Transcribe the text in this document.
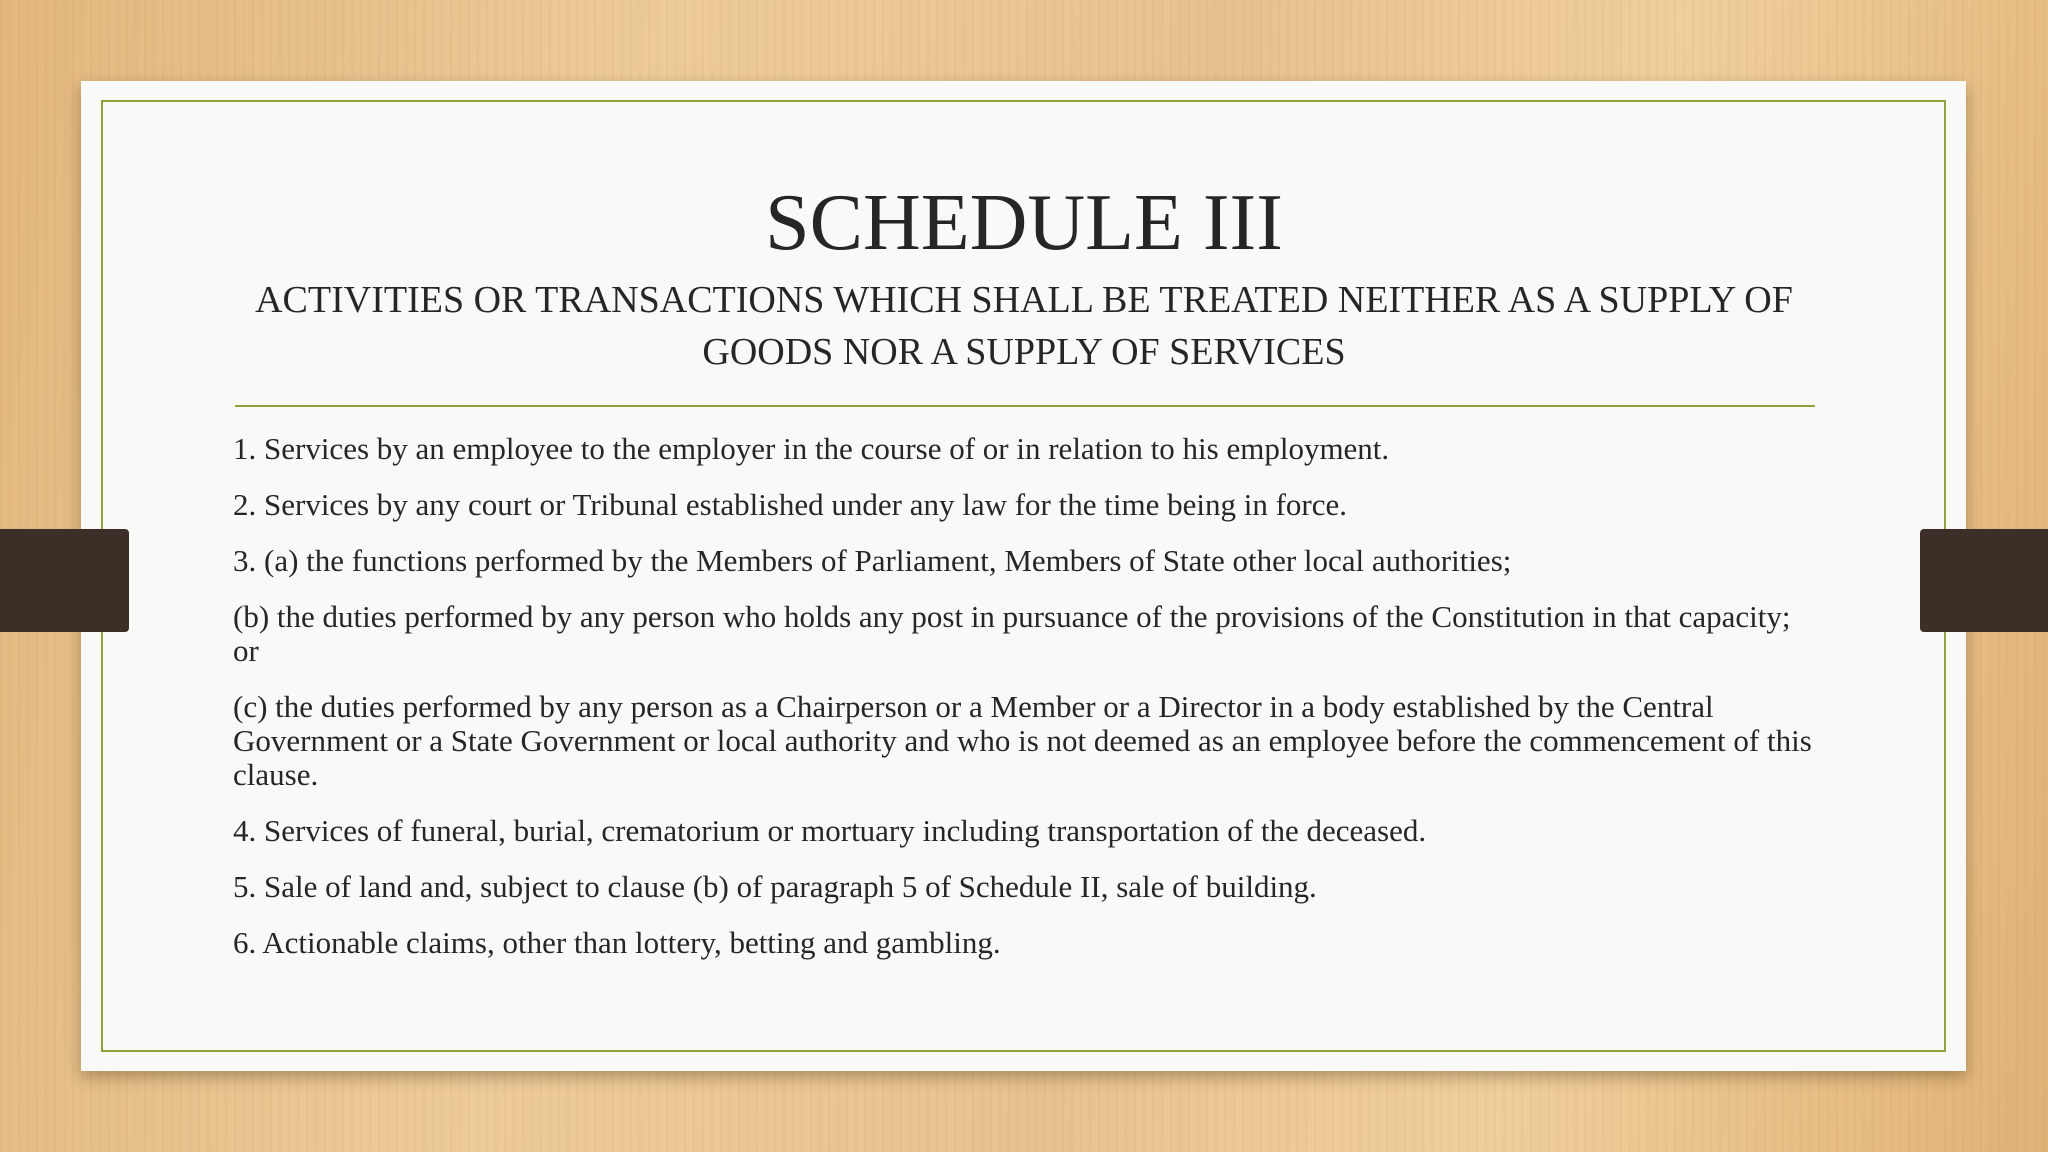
SCHEDULE III
ACTIVITIES OR TRANSACTIONS WHICH SHALL BE TREATED NEITHER AS A SUPPLY OF GOODS NOR A SUPPLY OF SERVICES
1. Services by an employee to the employer in the course of or in relation to his employment.
2. Services by any court or Tribunal established under any law for the time being in force.
3. (a) the functions performed by the Members of Parliament, Members of State other local authorities;
(b) the duties performed by any person who holds any post in pursuance of the provisions of the Constitution in that capacity; or
(c) the duties performed by any person as a Chairperson or a Member or a Director in a body established by the Central Government or a State Government or local authority and who is not deemed as an employee before the commencement of this clause.
4. Services of funeral, burial, crematorium or mortuary including transportation of the deceased.
5. Sale of land and, subject to clause (b) of paragraph 5 of Schedule II, sale of building.
6. Actionable claims, other than lottery, betting and gambling.
